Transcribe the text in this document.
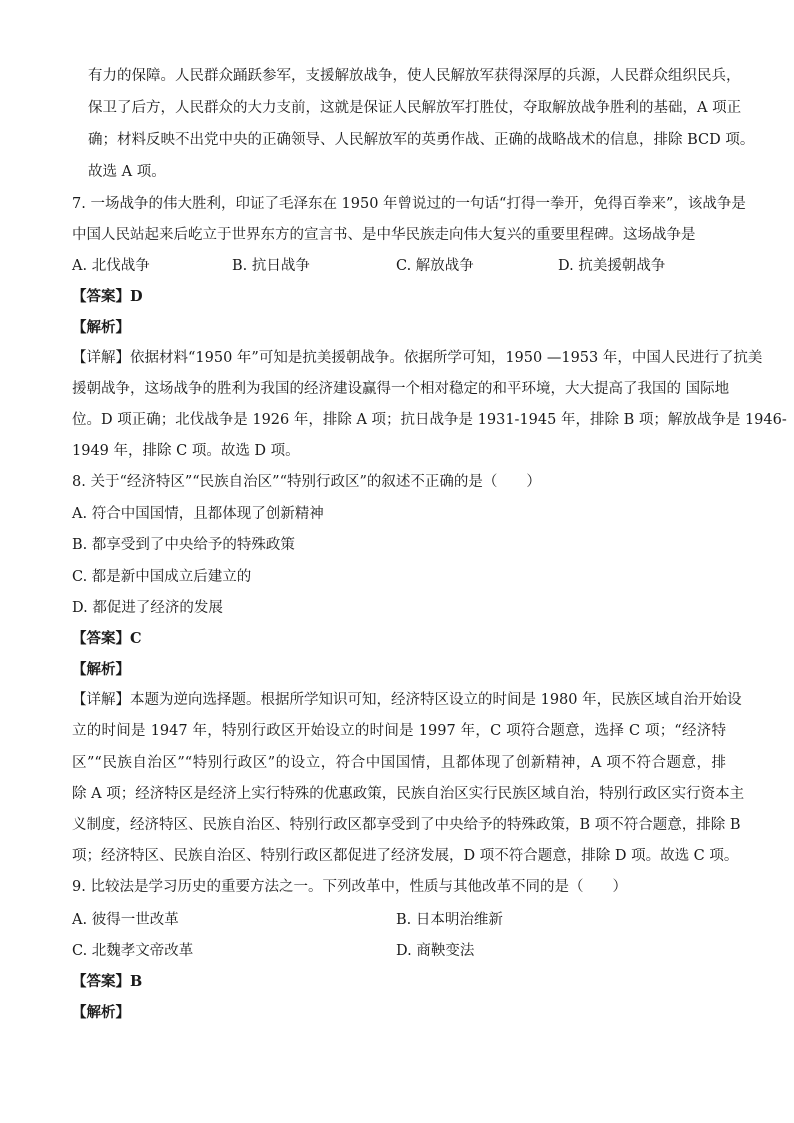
有力的保障。人民群众踊跃参军，支援解放战争，使人民解放军获得深厚的兵源，人民群众组织民兵，
保卫了后方，人民群众的大力支前，这就是保证人民解放军打胜仗，夺取解放战争胜利的基础，A 项正
确；材料反映不出党中央的正确领导、人民解放军的英勇作战、正确的战略战术的信息，排除 BCD 项。
故选 A 项。
7. 一场战争的伟大胜利，印证了毛泽东在 1950 年曾说过的一句话“打得一拳开，免得百拳来”，该战争是
中国人民站起来后屹立于世界东方的宣言书、是中华民族走向伟大复兴的重要里程碑。这场战争是
A. 北伐战争	B. 抗日战争	C. 解放战争	D. 抗美援朝战争
【答案】D
【解析】
【详解】依据材料“1950 年”可知是抗美援朝战争。依据所学可知，1950 —1953 年，中国人民进行了抗美
援朝战争，这场战争的胜利为我国的经济建设赢得一个相对稳定的和平环境，大大提高了我国的 国际地
位。D 项正确；北伐战争是 1926 年，排除 A 项；抗日战争是 1931-1945 年，排除 B 项；解放战争是 1946-
1949 年，排除 C 项。故选 D 项。
8. 关于“经济特区”“民族自治区”“特别行政区”的叙述不正确的是（　　）
A. 符合中国国情，且都体现了创新精神
B. 都享受到了中央给予的特殊政策
C. 都是新中国成立后建立的
D. 都促进了经济的发展
【答案】C
【解析】
【详解】本题为逆向选择题。根据所学知识可知，经济特区设立的时间是 1980 年，民族区域自治开始设
立的时间是 1947 年，特别行政区开始设立的时间是 1997 年，C 项符合题意，选择 C 项；“经济特
区”“民族自治区”“特别行政区”的设立，符合中国国情，且都体现了创新精神，A 项不符合题意，排
除 A 项；经济特区是经济上实行特殊的优惠政策，民族自治区实行民族区域自治，特别行政区实行资本主
义制度，经济特区、民族自治区、特别行政区都享受到了中央给予的特殊政策，B 项不符合题意，排除 B
项；经济特区、民族自治区、特别行政区都促进了经济发展，D 项不符合题意，排除 D 项。故选 C 项。
9. 比较法是学习历史的重要方法之一。下列改革中，性质与其他改革不同的是（　　）
A. 彼得一世改革	B. 日本明治维新
C. 北魏孝文帝改革	D. 商鞅变法
【答案】B
【解析】
